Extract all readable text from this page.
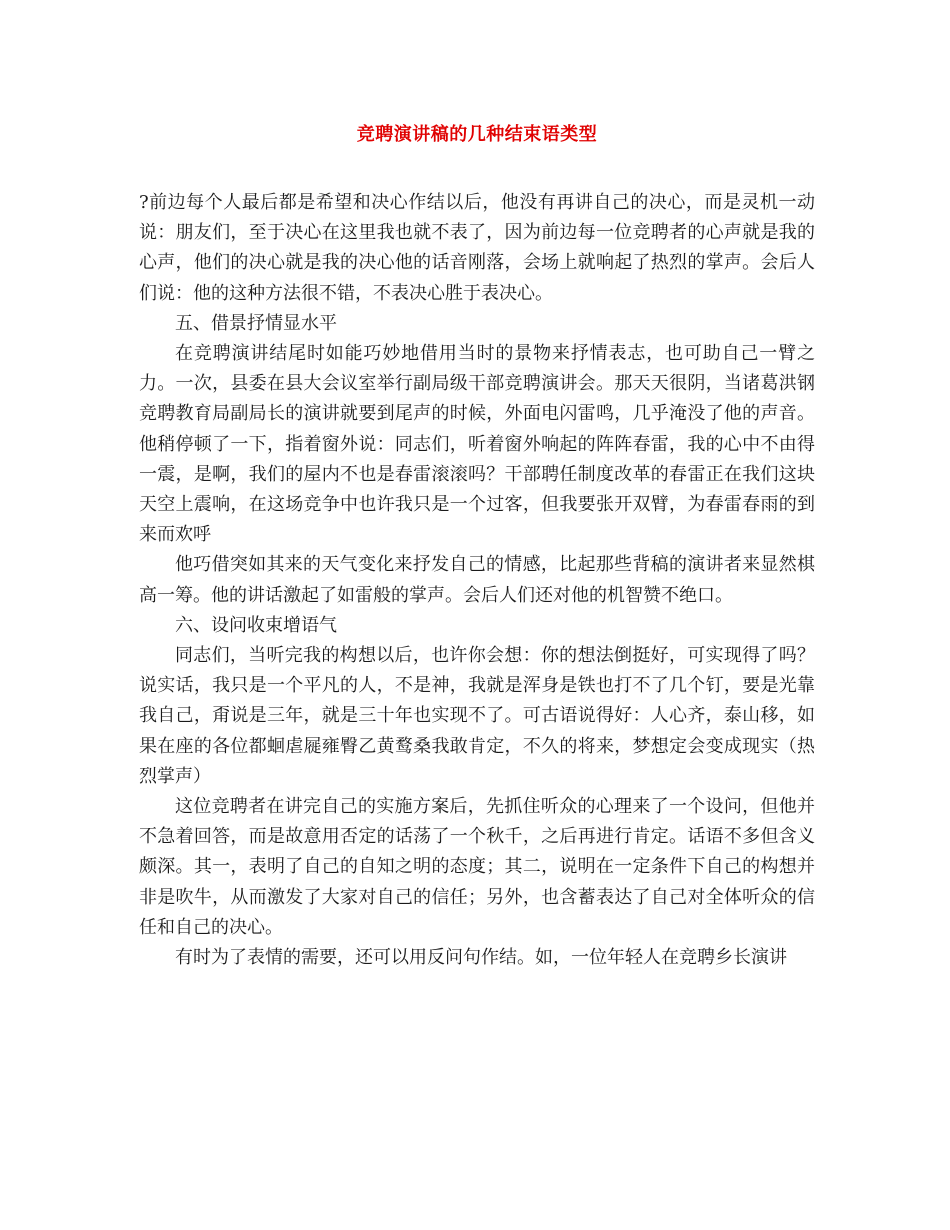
竞聘演讲稿的几种结束语类型

?前边每个人最后都是希望和决心作结以后，他没有再讲自己的决心，而是灵机一动说：朋友们，至于决心在这里我也就不表了，因为前边每一位竞聘者的心声就是我的心声，他们的决心就是我的决心他的话音刚落，会场上就响起了热烈的掌声。会后人们说：他的这种方法很不错，不表决心胜于表决心。

五、借景抒情显水平

在竞聘演讲结尾时如能巧妙地借用当时的景物来抒情表志，也可助自己一臂之力。一次，县委在县大会议室举行副局级干部竞聘演讲会。那天天很阴，当诸葛洪钢竞聘教育局副局长的演讲就要到尾声的时候，外面电闪雷鸣，几乎淹没了他的声音。他稍停顿了一下，指着窗外说：同志们，听着窗外响起的阵阵春雷，我的心中不由得一震，是啊，我们的屋内不也是春雷滚滚吗？干部聘任制度改革的春雷正在我们这块天空上震响，在这场竞争中也许我只是一个过客，但我要张开双臂，为春雷春雨的到来而欢呼

他巧借突如其来的天气变化来抒发自己的情感，比起那些背稿的演讲者来显然棋高一筹。他的讲话激起了如雷般的掌声。会后人们还对他的机智赞不绝口。

六、设问收束增语气

同志们，当听完我的构想以后，也许你会想：你的想法倒挺好，可实现得了吗？说实话，我只是一个平凡的人，不是神，我就是浑身是铁也打不了几个钉，要是光靠我自己，甭说是三年，就是三十年也实现不了。可古语说得好：人心齐，泰山移，如果在座的各位都蛔虐屣雍臀乙黄鹜桑我敢肯定，不久的将来，梦想定会变成现实（热烈掌声）

这位竞聘者在讲完自己的实施方案后，先抓住听众的心理来了一个设问，但他并不急着回答，而是故意用否定的话荡了一个秋千，之后再进行肯定。话语不多但含义颇深。其一，表明了自己的自知之明的态度；其二，说明在一定条件下自己的构想并非是吹牛，从而激发了大家对自己的信任；另外，也含蓄表达了自己对全体听众的信任和自己的决心。

有时为了表情的需要，还可以用反问句作结。如，一位年轻人在竞聘乡长演讲
